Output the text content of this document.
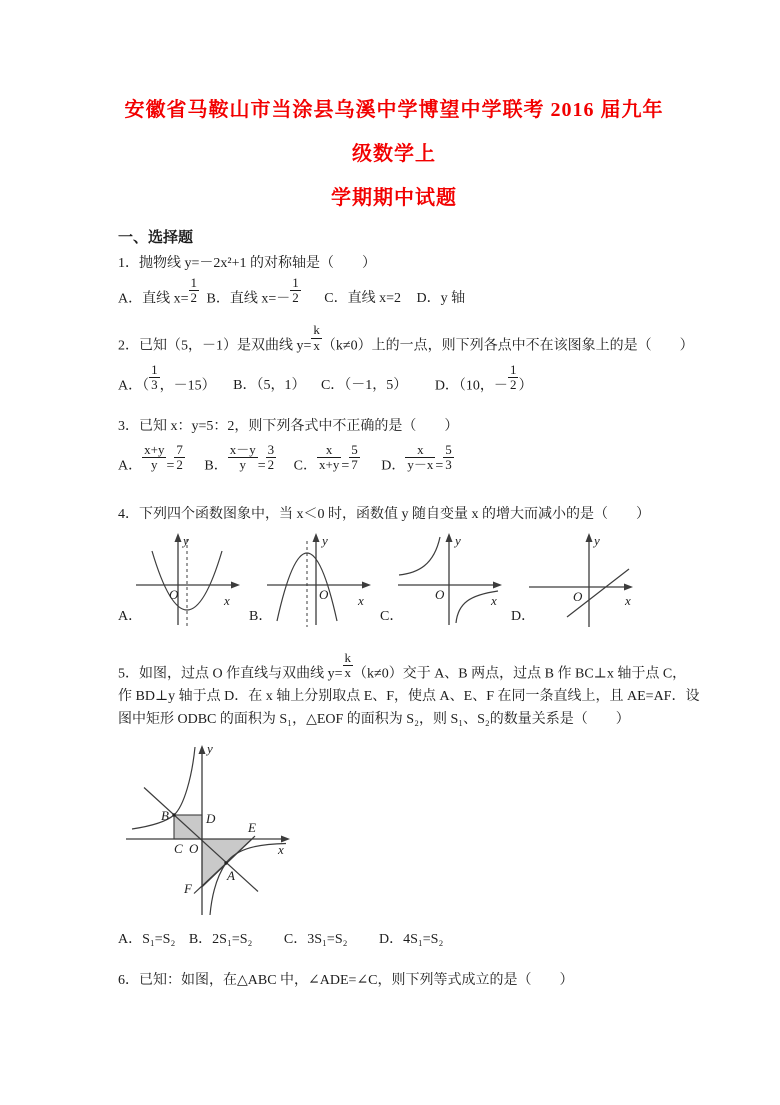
安徽省马鞍山市当涂县乌溪中学博望中学联考 2016 届九年级数学上
学期期中试题
一、选择题

1．抛物线 y=－2x²+1 的对称轴是（　　）

A．直线 $x= \frac{1}{2}$ B．直线 $x=- \frac{1}{2}$ C．直线 x=2 D．y 轴

2．已知（5，－1）是双曲线 $y= \frac{k}{x} (k\ne 0)$上的一点，则下列各点中不在该图象上的是（　　）

A．（ $\frac{1}{3}$ ，－15） B．（5，1） C．（－1，5） D．（10，－ $\frac{1}{2}$ ）

3．已知 x：y=5：2，则下列各式中不正确的是（　　）

A． $\frac{x+y}{y} = \frac{7}{2}$ B． $\frac{x-y}{y} = \frac{3}{2}$ C． $\frac{x}{x+y} = \frac{5}{7}$ D． $\frac{x}{y-x} = \frac{5}{3}$

4．下列四个函数图象中，当 x＜0 时，函数值 y 随自变量 x 的增大而减小的是（　　）

O	x
y
A．
O x
y
B．
O	x
y
C．
O	x
y
D．

5．如图，过点 O 作直线与双曲线 $y= \frac{k}{x} (k\ne 0)$交于 A、B 两点，过点 B 作 BC⊥x 轴于点 C，

作 BD⊥y 轴于点 D．在 x 轴上分别取点 E、F，使点 A、E、F 在同一条直线上，且 AE=AF．设

图中矩形 ODBC 的面积为 S₁，△EOF 的面积为 S₂，则 S₁、S₂的数量关系是（　　）

y
x
B	D
C O
E
A
F
A．S₁=S₂ B．2S₁=S₂ C．3S₁=S₂ D．4S₁=S₂

6．已知：如图，在△ABC 中，∠ADE=∠C，则下列等式成立的是（　　）
